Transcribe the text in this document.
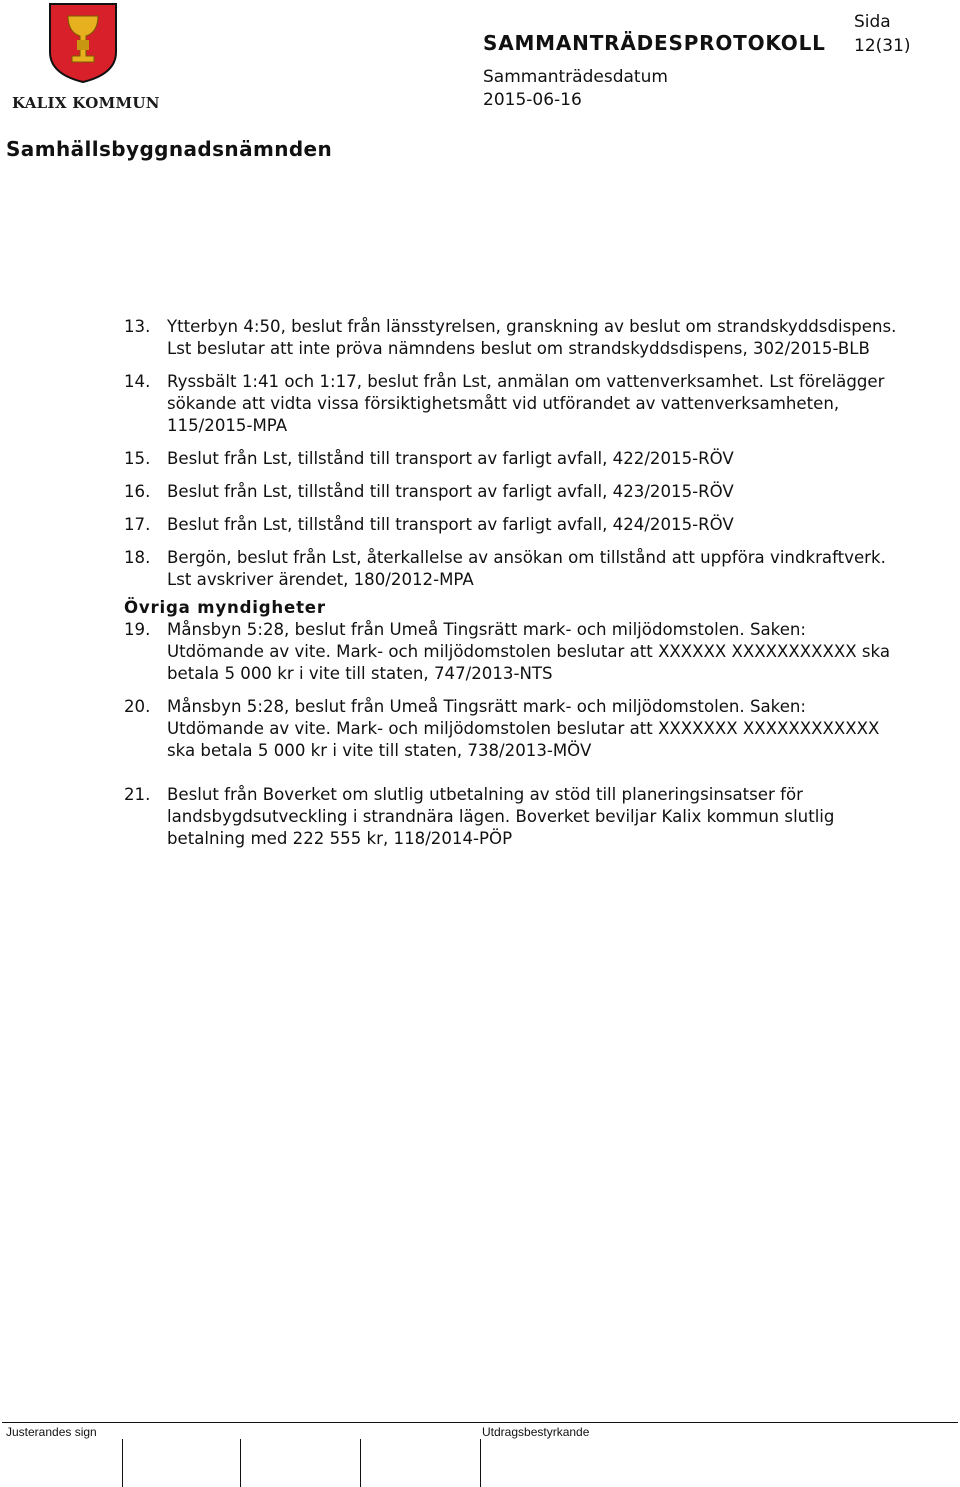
KALIX KOMMUN
SAMMANTRÄDESPROTOKOLL
Sida
12(31)
Sammanträdesdatum
2015-06-16
Samhällsbyggnadsnämnden
13.	Ytterbyn 4:50, beslut från länsstyrelsen, granskning av beslut om strandskyddsdispens. Lst beslutar att inte pröva nämndens beslut om strandskyddsdispens, 302/2015-BLB
14.	Ryssbält 1:41 och 1:17, beslut från Lst, anmälan om vattenverksamhet. Lst förelägger sökande att vidta vissa försiktighetsmått vid utförandet av vattenverksamheten, 115/2015-MPA
15.	Beslut från Lst, tillstånd till transport av farligt avfall, 422/2015-RÖV
16.	Beslut från Lst, tillstånd till transport av farligt avfall, 423/2015-RÖV
17.	Beslut från Lst, tillstånd till transport av farligt avfall, 424/2015-RÖV
18.	Bergön, beslut från Lst, återkallelse av ansökan om tillstånd att uppföra vindkraftverk. Lst avskriver ärendet, 180/2012-MPA
Övriga myndigheter
19.	Månsbyn 5:28, beslut från Umeå Tingsrätt mark- och miljödomstolen. Saken: Utdömande av vite. Mark- och miljödomstolen beslutar att XXXXXX XXXXXXXXXXX ska betala 5 000 kr i vite till staten, 747/2013-NTS
20.	Månsbyn 5:28, beslut från Umeå Tingsrätt mark- och miljödomstolen. Saken: Utdömande av vite. Mark- och miljödomstolen beslutar att XXXXXXX XXXXXXXXXXXX ska betala 5 000 kr i vite till staten, 738/2013-MÖV
21.	Beslut från Boverket om slutlig utbetalning av stöd till planeringsinsatser för landsbygdsutveckling i strandnära lägen. Boverket beviljar Kalix kommun slutlig betalning med 222 555 kr, 118/2014-PÖP
Justerandes sign	Utdragsbestyrkande
